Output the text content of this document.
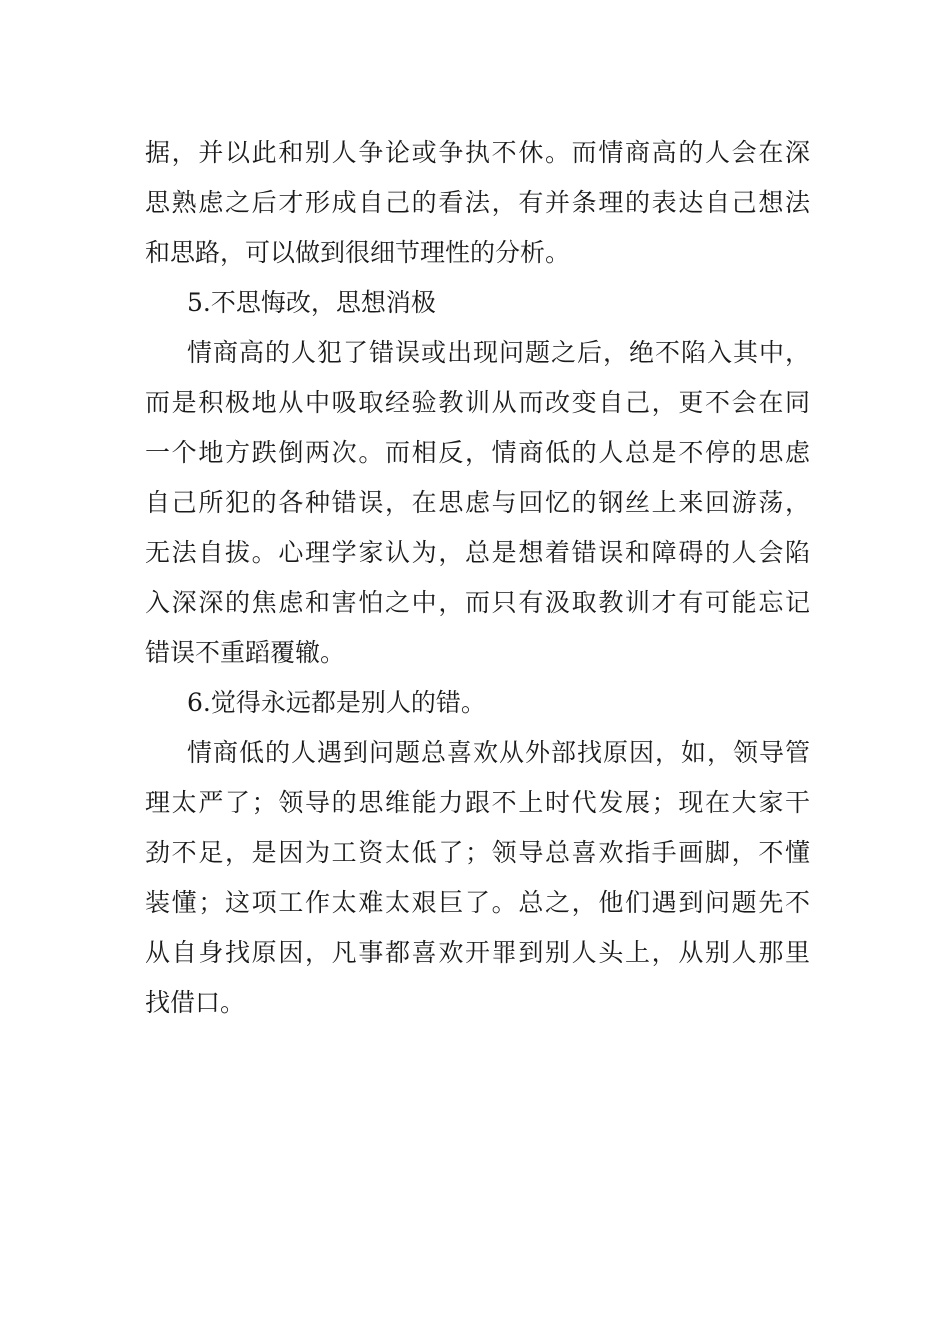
据，并以此和别人争论或争执不休。而情商高的人会在深
思熟虑之后才形成自己的看法，有并条理的表达自己想法
和思路，可以做到很细节理性的分析。
5.不思悔改，思想消极
情商高的人犯了错误或出现问题之后，绝不陷入其中，
而是积极地从中吸取经验教训从而改变自己，更不会在同
一个地方跌倒两次。而相反，情商低的人总是不停的思虑
自己所犯的各种错误，在思虑与回忆的钢丝上来回游荡，
无法自拔。心理学家认为，总是想着错误和障碍的人会陷
入深深的焦虑和害怕之中，而只有汲取教训才有可能忘记
错误不重蹈覆辙。
6.觉得永远都是别人的错。
情商低的人遇到问题总喜欢从外部找原因，如，领导管
理太严了；领导的思维能力跟不上时代发展；现在大家干
劲不足，是因为工资太低了；领导总喜欢指手画脚，不懂
装懂；这项工作太难太艰巨了。总之，他们遇到问题先不
从自身找原因，凡事都喜欢开罪到别人头上，从别人那里
找借口。
